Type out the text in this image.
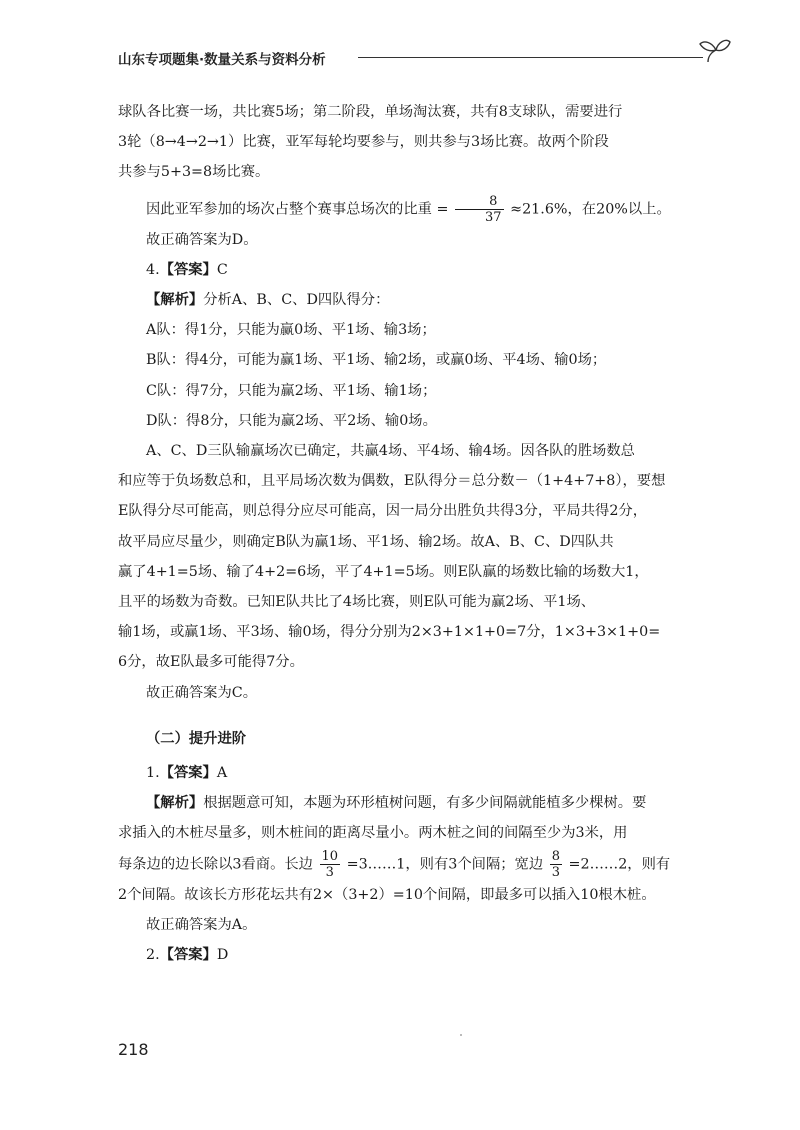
山东专项题集·数量关系与资料分析

球队各比赛一场，共比赛5场；第二阶段，单场淘汰赛，共有8支球队，需要进行

3轮（8→4→2→1）比赛，亚军每轮均要参与，则共参与3场比赛。故两个阶段

共参与5+3=8场比赛。

因此亚军参加的场次占整个赛事总场次的比重 = $\frac{8}{37} \approx 21.6\%$，在20%以上。

故正确答案为D。

4.【答案】C

【解析】分析A、B、C、D四队得分：

A队：得1分，只能为赢0场、平1场、输3场；

B队：得4分，可能为赢1场、平1场、输2场，或赢0场、平4场、输0场；

C队：得7分，只能为赢2场、平1场、输1场；

D队：得8分，只能为赢2场、平2场、输0场。

A、C、D三队输赢场次已确定，共赢4场、平4场、输4场。因各队的胜场数总

和应等于负场数总和，且平局场次数为偶数，E队得分＝总分数－（1+4+7+8），要想

E队得分尽可能高，则总得分应尽可能高，因一局分出胜负共得3分，平局共得2分，

故平局应尽量少，则确定B队为赢1场、平1场、输2场。故A、B、C、D四队共

赢了4+1=5场、输了4+2=6场，平了4+1=5场。则E队赢的场数比输的场数大1，

且平的场数为奇数。已知E队共比了4场比赛，则E队可能为赢2场、平1场、

输1场，或赢1场、平3场、输0场，得分分别为2×3+1×1+0=7分，1×3+3×1+0=

6分，故E队最多可能得7分。

故正确答案为C。

（二）提升进阶

1.【答案】A

【解析】根据题意可知，本题为环形植树问题，有多少间隔就能植多少棵树。要

求插入的木桩尽量多，则木桩间的距离尽量小。两木桩之间的间隔至少为3米，用

每条边的边长除以3看商。长边 $\frac{10}{3}$ =3……1，则有3个间隔；宽边 $\frac{8}{3}$ =2……2，则有

2个间隔。故该长方形花坛共有2×（3+2）=10个间隔，即最多可以插入10根木桩。

故正确答案为A。

2.【答案】D

218
